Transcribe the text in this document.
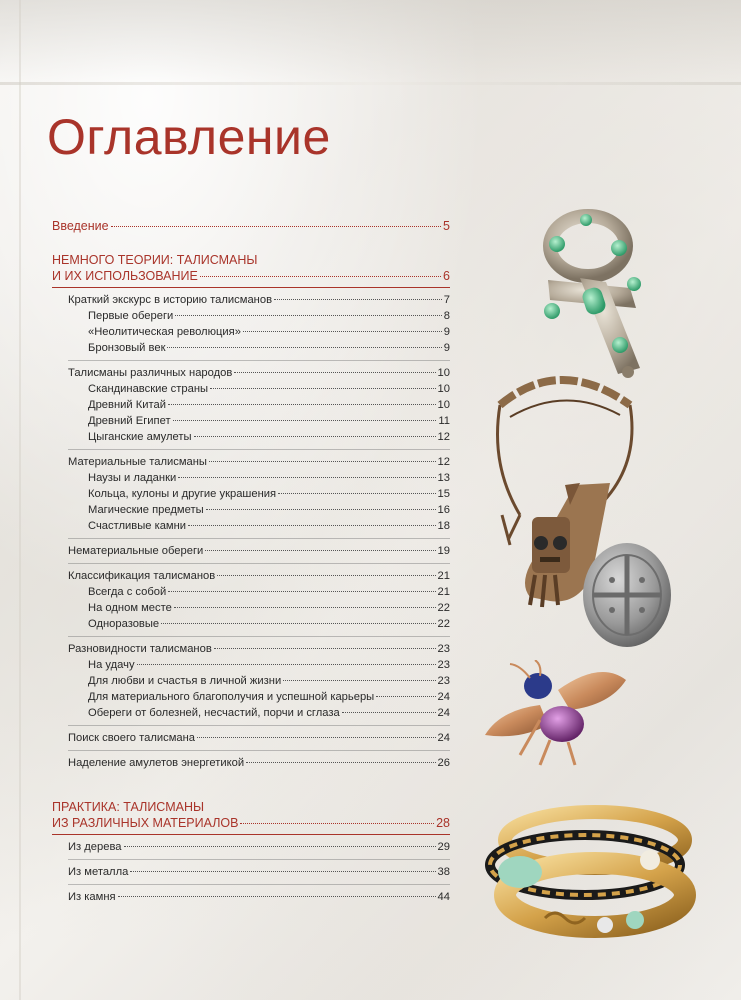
Оглавление
Введение	5
НЕМНОГО ТЕОРИИ: ТАЛИСМАНЫ
И ИХ ИСПОЛЬЗОВАНИЕ	6
Краткий экскурс в историю талисманов	7
Первые обереги	8
«Неолитическая революция»	9
Бронзовый век	9
Талисманы различных народов	10
Скандинавские страны	10
Древний Китай	10
Древний Египет	11
Цыганские амулеты	12
Материальные талисманы	12
Наузы и ладанки	13
Кольца, кулоны и другие украшения	15
Магические предметы	16
Счастливые камни	18
Нематериальные обереги	19
Классификация талисманов	21
Всегда с собой	21
На одном месте	22
Одноразовые	22
Разновидности талисманов	23
На удачу	23
Для любви и счастья в личной жизни	23
Для материального благополучия и успешной карьеры	24
Обереги от болезней, несчастий, порчи и сглаза	24
Поиск своего талисмана	24
Наделение амулетов энергетикой	26
ПРАКТИКА: ТАЛИСМАНЫ
ИЗ РАЗЛИЧНЫХ МАТЕРИАЛОВ	28
Из дерева	29
Из металла	38
Из камня	44
